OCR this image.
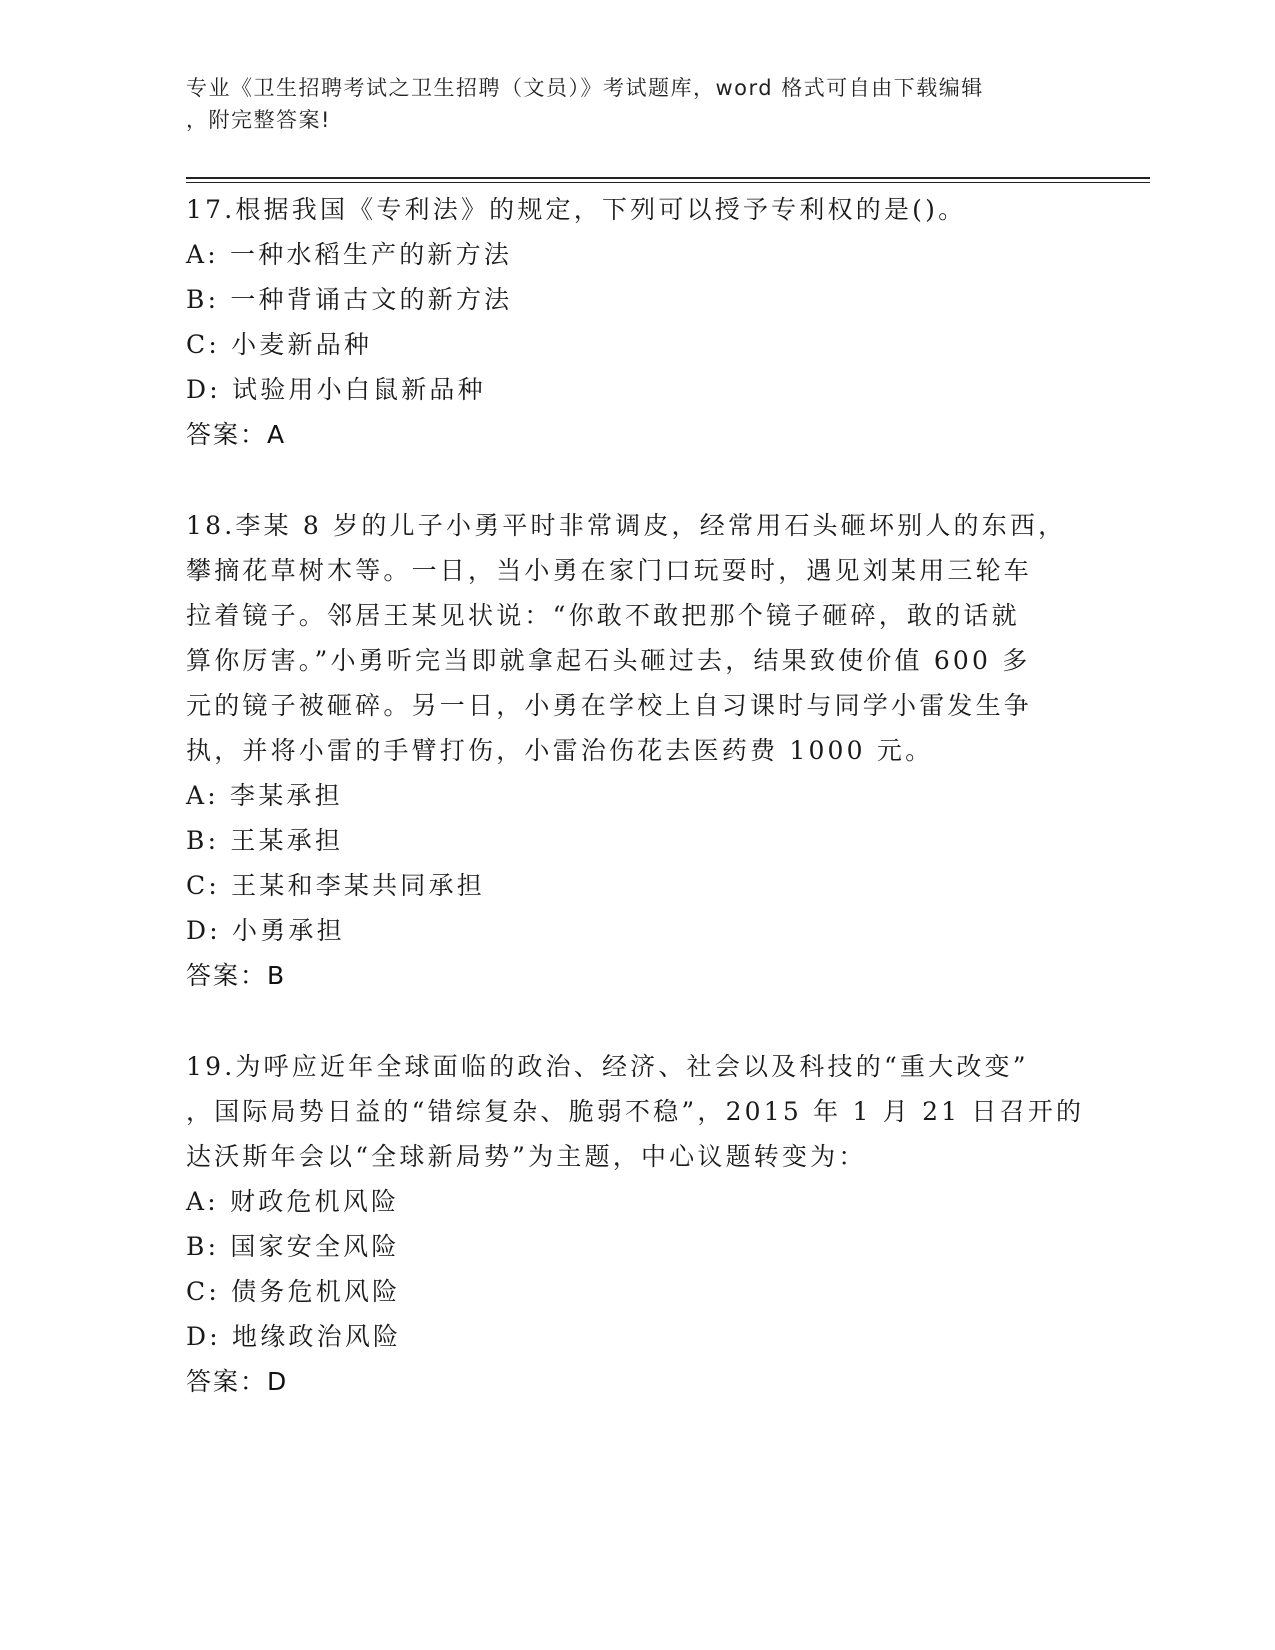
专业《卫生招聘考试之卫生招聘（文员）》考试题库，word 格式可自由下载编辑
，附完整答案!
17.根据我国《专利法》的规定，下列可以授予专利权的是()。
A: 一种水稻生产的新方法
B: 一种背诵古文的新方法
C: 小麦新品种
D: 试验用小白鼠新品种
答案：A
18.李某 8 岁的儿子小勇平时非常调皮，经常用石头砸坏别人的东西，
攀摘花草树木等。一日，当小勇在家门口玩耍时，遇见刘某用三轮车
拉着镜子。邻居王某见状说：“你敢不敢把那个镜子砸碎，敢的话就
算你厉害。”小勇听完当即就拿起石头砸过去，结果致使价值 600 多
元的镜子被砸碎。另一日，小勇在学校上自习课时与同学小雷发生争
执，并将小雷的手臂打伤，小雷治伤花去医药费 1000 元。
A: 李某承担
B: 王某承担
C: 王某和李某共同承担
D: 小勇承担
答案：B
19.为呼应近年全球面临的政治、经济、社会以及科技的“重大改变”
，国际局势日益的“错综复杂、脆弱不稳”，2015 年 1 月 21 日召开的
达沃斯年会以“全球新局势”为主题，中心议题转变为：
A: 财政危机风险
B: 国家安全风险
C: 债务危机风险
D: 地缘政治风险
答案：D
